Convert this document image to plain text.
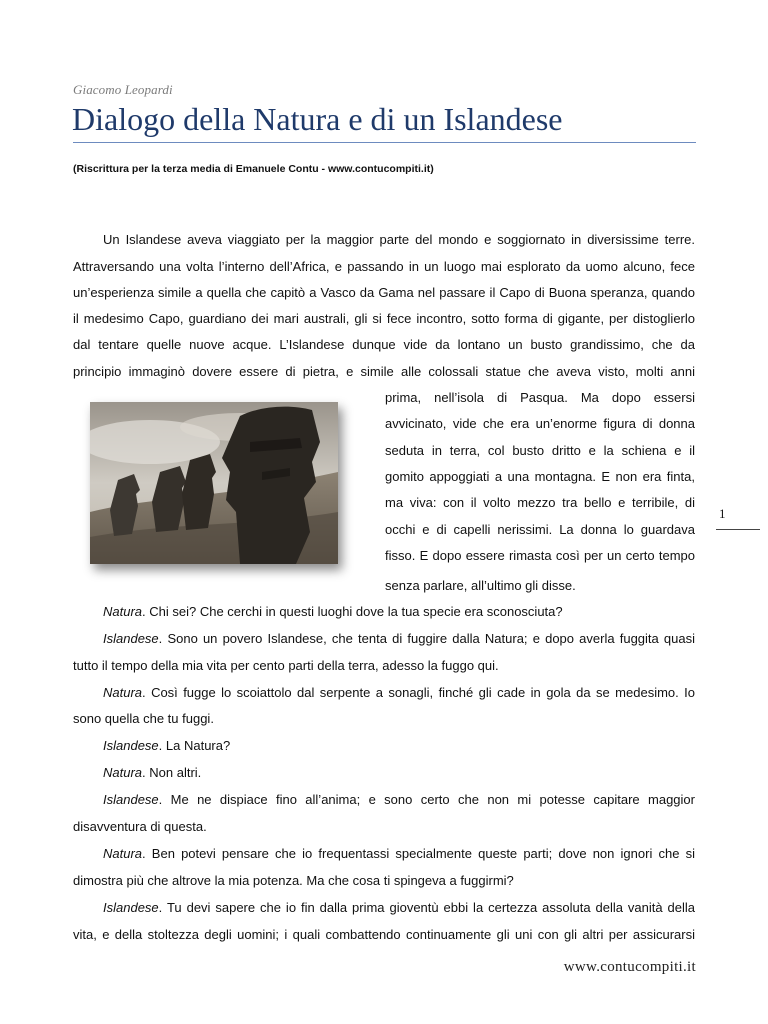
Giacomo Leopardi
Dialogo della Natura e di un Islandese
(Riscrittura per la terza media di Emanuele Contu - www.contucompiti.it)
Un Islandese aveva viaggiato per la maggior parte del mondo e soggiornato in diversissime terre.
Attraversando una volta l’interno dell’Africa, e passando in un luogo mai esplorato da uomo alcuno, fece
un’esperienza simile a quella che capitò a Vasco da Gama nel passare il Capo di Buona speranza, quando
il medesimo Capo, guardiano dei mari australi, gli si fece incontro, sotto forma di gigante, per distoglierlo
dal tentare quelle nuove acque. L’Islandese dunque vide da lontano un busto grandissimo, che da
principio immaginò dovere essere di pietra, e simile alle colossali statue che aveva visto, molti anni
prima, nell’isola di Pasqua. Ma dopo essersi
avvicinato, vide che era un’enorme figura di donna
seduta in terra, col busto dritto e la schiena e il
gomito appoggiati a una montagna. E non era finta,
ma viva: con il volto mezzo tra bello e terribile, di
occhi e di capelli nerissimi. La donna lo guardava
fisso. E dopo essere rimasta così per un certo tempo
senza parlare, all’ultimo gli disse.
Natura. Chi sei? Che cerchi in questi luoghi dove la tua specie era sconosciuta?
Islandese. Sono un povero Islandese, che tenta di fuggire dalla Natura; e dopo averla fuggita quasi
tutto il tempo della mia vita per cento parti della terra, adesso la fuggo qui.
Natura. Così fugge lo scoiattolo dal serpente a sonagli, finché gli cade in gola da se medesimo. Io
sono quella che tu fuggi.
Islandese. La Natura?
Natura. Non altri.
Islandese. Me ne dispiace fino all’anima; e sono certo che non mi potesse capitare maggior
disavventura di questa.
Natura. Ben potevi pensare che io frequentassi specialmente queste parti; dove non ignori che si
dimostra più che altrove la mia potenza. Ma che cosa ti spingeva a fuggirmi?
Islandese. Tu devi sapere che io fin dalla prima gioventù ebbi la certezza assoluta della vanità della
vita, e della stoltezza degli uomini; i quali combattendo continuamente gli uni con gli altri per assicurarsi
1
www.contucompiti.it
